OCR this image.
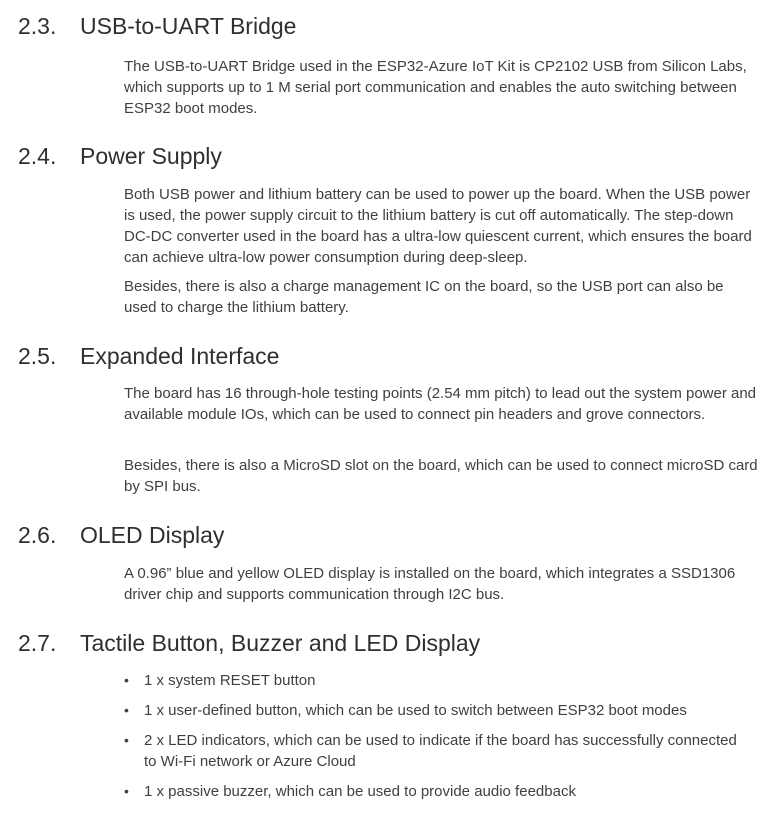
2.3. USB-to-UART Bridge

The USB-to-UART Bridge used in the ESP32-Azure IoT Kit is CP2102 USB from Silicon Labs, which supports up to 1 M serial port communication and enables the auto switching between ESP32 boot modes.

2.4. Power Supply

Both USB power and lithium battery can be used to power up the board. When the USB power is used, the power supply circuit to the lithium battery is cut off automatically. The step-down DC-DC converter used in the board has a ultra-low quiescent current, which ensures the board can achieve ultra-low power consumption during deep-sleep.

Besides, there is also a charge management IC on the board, so the USB port can also be used to charge the lithium battery.

2.5. Expanded Interface

The board has 16 through-hole testing points (2.54 mm pitch) to lead out the system power and available module IOs, which can be used to connect pin headers and grove connectors.

Besides, there is also a MicroSD slot on the board, which can be used to connect microSD card by SPI bus.

2.6. OLED Display

A 0.96” blue and yellow OLED display is installed on the board, which integrates a SSD1306 driver chip and supports communication through I2C bus.

2.7. Tactile Button, Buzzer and LED Display
•	1 x system RESET button
•	1 x user-defined button, which can be used to switch between ESP32 boot modes
•	2 x LED indicators, which can be used to indicate if the board has successfully connected to Wi-Fi network or Azure Cloud
•	1 x passive buzzer, which can be used to provide audio feedback
